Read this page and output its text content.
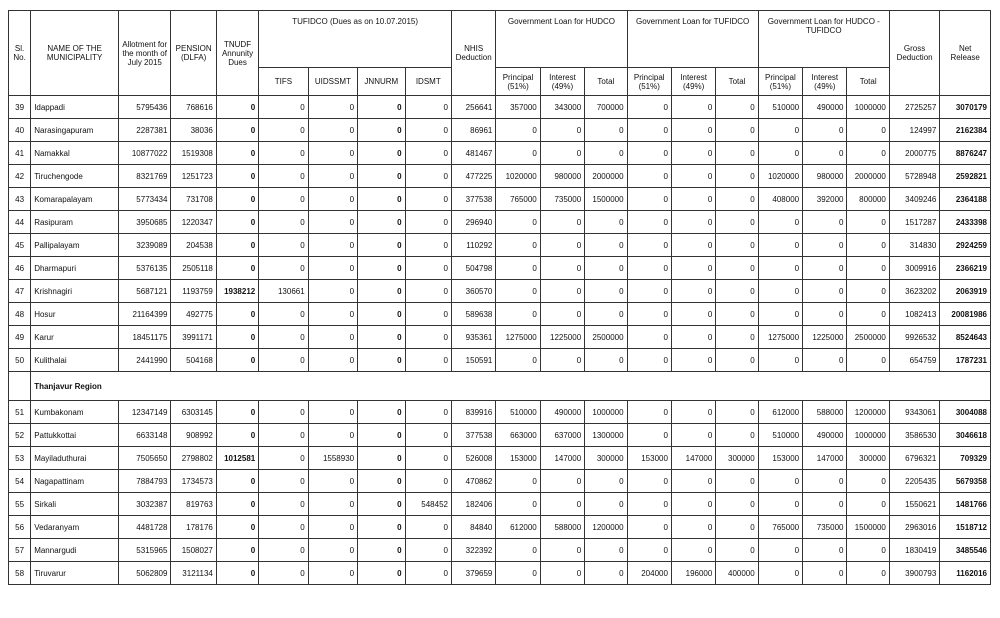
Sl. No.	NAME OF THE MUNICIPALITY	Allotment for the month of July 2015	PENSION (DLFA)	TNUDF Annunity Dues	TUFIDCO (Dues as on 10.07.2015)				NHIS Deduction	Government Loan for HUDCO			Government Loan for TUFIDCO			Government Loan for HUDCO - TUFIDCO			Gross Deduction	Net Release
					TIFS	UIDSSMT	JNNURM	IDSMT		Principal (51%)	Interest (49%)	Total	Principal (51%)	Interest (49%)	Total	Principal (51%)	Interest (49%)	Total		
39	Idappadi	5795436	768616	0	0	0	0	0	256641	357000	343000	700000	0	0	0	510000	490000	1000000	2725257	3070179
40	Narasingapuram	2287381	38036	0	0	0	0	0	86961	0	0	0	0	0	0	0	0	0	124997	2162384
41	Namakkal	10877022	1519308	0	0	0	0	0	481467	0	0	0	0	0	0	0	0	0	2000775	8876247
42	Tiruchengode	8321769	1251723	0	0	0	0	0	477225	1020000	980000	2000000	0	0	0	1020000	980000	2000000	5728948	2592821
43	Komarapalayam	5773434	731708	0	0	0	0	0	377538	765000	735000	1500000	0	0	0	408000	392000	800000	3409246	2364188
44	Rasipuram	3950685	1220347	0	0	0	0	0	296940	0	0	0	0	0	0	0	0	0	1517287	2433398
45	Pallipalayam	3239089	204538	0	0	0	0	0	110292	0	0	0	0	0	0	0	0	0	314830	2924259
46	Dharmapuri	5376135	2505118	0	0	0	0	0	504798	0	0	0	0	0	0	0	0	0	3009916	2366219
47	Krishnagiri	5687121	1193759	1938212	130661	0	0	0	360570	0	0	0	0	0	0	0	0	0	3623202	2063919
48	Hosur	21164399	492775	0	0	0	0	0	589638	0	0	0	0	0	0	0	0	0	1082413	20081986
49	Karur	18451175	3991171	0	0	0	0	0	935361	1275000	1225000	2500000	0	0	0	1275000	1225000	2500000	9926532	8524643
50	Kulithalai	2441990	504168	0	0	0	0	0	150591	0	0	0	0	0	0	0	0	0	654759	1787231
	Thanjavur Region																			
51	Kumbakonam	12347149	6303145	0	0	0	0	0	839916	510000	490000	1000000	0	0	0	612000	588000	1200000	9343061	3004088
52	Pattukkottai	6633148	908992	0	0	0	0	0	377538	663000	637000	1300000	0	0	0	510000	490000	1000000	3586530	3046618
53	Mayiladuthurai	7505650	2798802	1012581	0	1558930	0	0	526008	153000	147000	300000	153000	147000	300000	153000	147000	300000	6796321	709329
54	Nagapattinam	7884793	1734573	0	0	0	0	0	470862	0	0	0	0	0	0	0	0	0	2205435	5679358
55	Sirkali	3032387	819763	0	0	0	0	548452	182406	0	0	0	0	0	0	0	0	0	1550621	1481766
56	Vedaranyam	4481728	178176	0	0	0	0	0	84840	612000	588000	1200000	0	0	0	765000	735000	1500000	2963016	1518712
57	Mannargudi	5315965	1508027	0	0	0	0	0	322392	0	0	0	0	0	0	0	0	0	1830419	3485546
58	Tiruvarur	5062809	3121134	0	0	0	0	0	379659	0	0	0	204000	196000	400000	0	0	0	3900793	1162016
